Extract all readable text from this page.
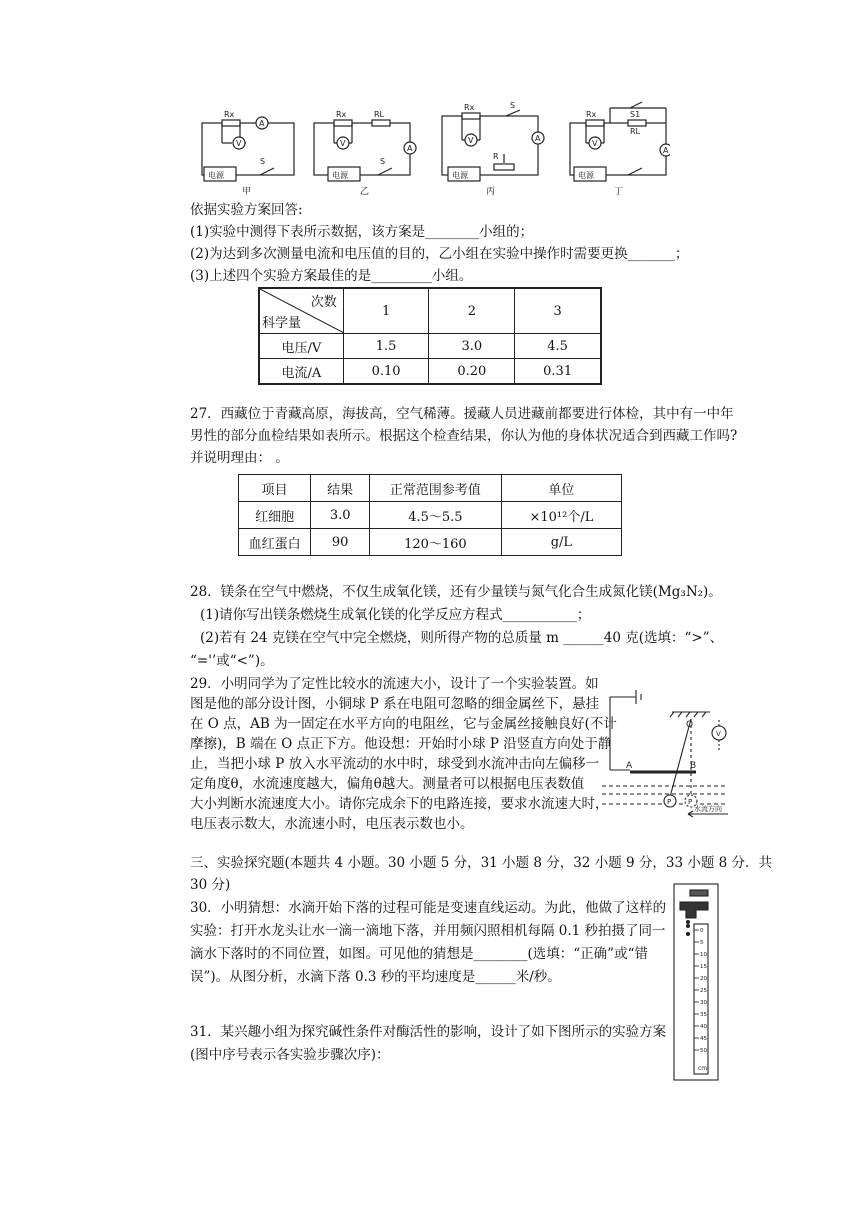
Rx
A
V
电源
S
Rx	RL
A
V
电源
S
Rx	S
A
V
电源
R
Rx	S1
RL
A
V
电源
甲	乙	丙	丁
依据实验方案回答:
(1)实验中测得下表所示数据，该方案是________小组的；
(2)为达到多次测量电流和电压值的目的，乙小组在实验中操作时需要更换_______；
(3)上述四个实验方案最佳的是_________小组。
次数
科学量	1	2	3
电压/V	1.5	3.0	4.5
电流/A	0.10	0.20	0.31
27．西藏位于青藏高原，海拔高，空气稀薄。援藏人员进藏前都要进行体检，其中有一中年
男性的部分血检结果如表所示。根据这个检查结果，你认为他的身体状况适合到西藏工作吗?
并说明理由： 。
项目	结果	正常范围参考值	单位
红细胞	3.0	4.5～5.5	×10¹²个/L
血红蛋白	90	120～160	g/L
28．镁条在空气中燃烧，不仅生成氧化镁，还有少量镁与氮气化合生成氮化镁(Mg₃N₂)。
(1)请你写出镁条燃烧生成氧化镁的化学反应方程式___________；
(2)若有 24 克镁在空气中完全燃烧，则所得产物的总质量 m ______40 克(选填：“>”、
“='’或“<”)。
29．小明同学为了定性比较水的流速大小，设计了一个实验装置。如
图是他的部分设计图，小铜球 P 系在电阻可忽略的细金属丝下，悬挂
在 O 点，AB 为一固定在水平方向的电阻丝，它与金属丝接触良好(不计
摩擦)，B 端在 O 点正下方。他设想：开始时小球 P 沿竖直方向处于静
止，当把小球 P 放入水平流动的水中时，球受到水流冲击向左偏移一
定角度θ，水流速度越大，偏角θ越大。测量者可以根据电压表数值
大小判断水流速度大小。请你完成余下的电路连接，要求水流速大时，
电压表示数大，水流速小时，电压表示数也小。
O
A	B
P P
V
水流方向
三、实验探究题(本题共 4 小题。30 小题 5 分，31 小题 8 分，32 小题 9 分，33 小题 8 分．共
30 分)
30．小明猜想：水滴开始下落的过程可能是变速直线运动。为此，他做了这样的
实验：打开水龙头让水一滴一滴地下落，并用频闪照相机每隔 0.1 秒拍摄了同一
滴水下落时的不同位置，如图。可见他的猜想是________(选填：“正确”或“错
误”)。从图分析，水滴下落 0.3 秒的平均速度是______米/秒。
0
5
10
15
20
25
30
35
40
45
50
cm
31．某兴趣小组为探究碱性条件对酶活性的影响，设计了如下图所示的实验方案
(图中序号表示各实验步骤次序)：
